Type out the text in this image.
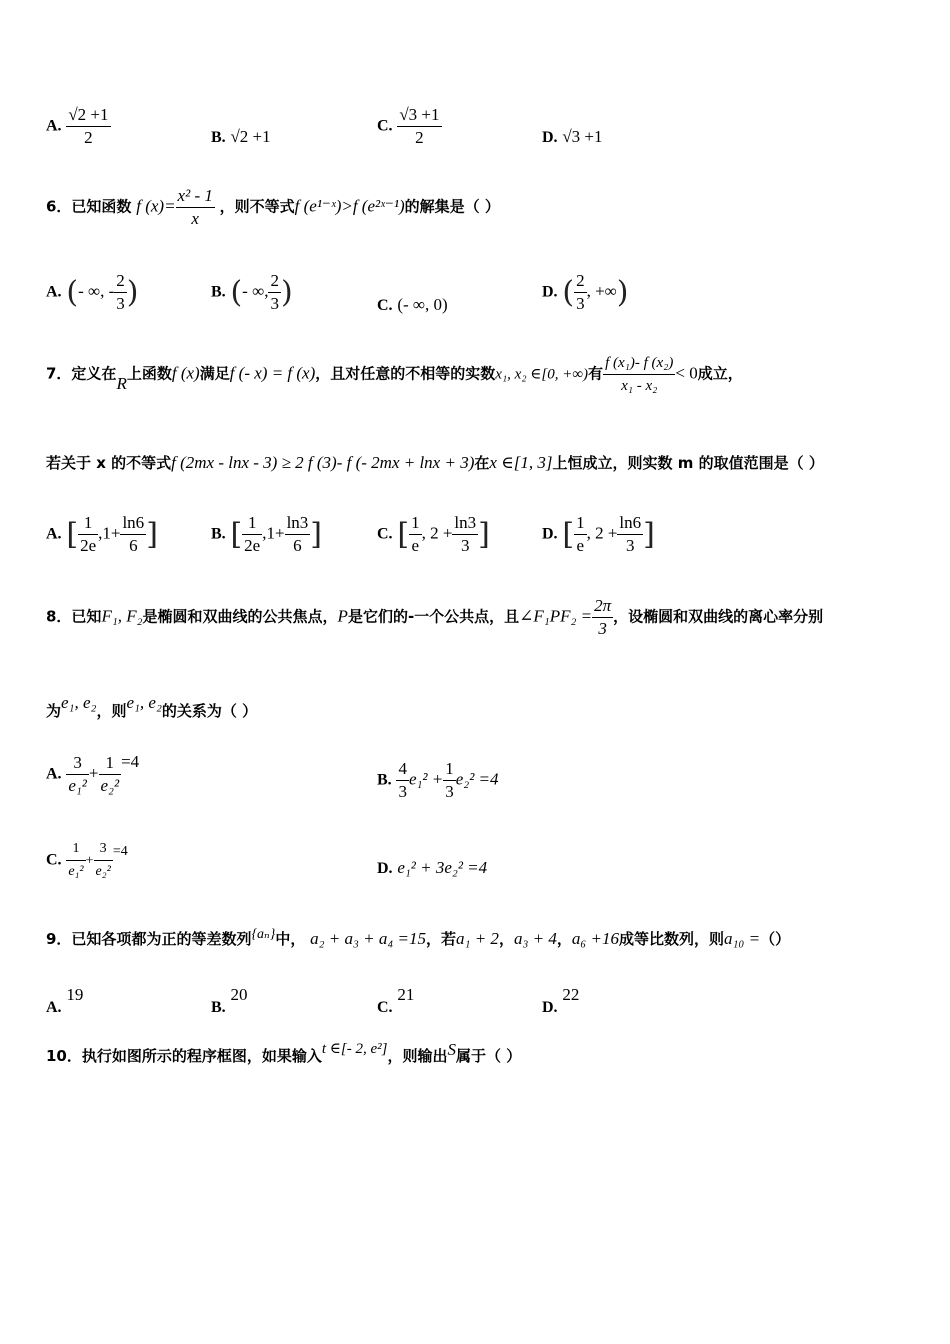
A. $\frac{√2 +1}{2}$	B. √2 +1
C. $\frac{√3 +1}{2}$	D. √3 +1
6．已知函数 f $(x)= \frac{\text{x² - 1}}{x}$ ，则不等式f (e¹⁻ˣ)>f (e²ˣ⁻¹)的解集是（ ）
A. (- ∞, - $\frac{2}{3}$ )	B. (- ∞, $\frac{2}{3}$ )	C. (- ∞, 0)
D. ( $\frac{2}{3}$ , +∞)
7．定义在R上函数f (x)满足f (- x) = f (x)，且对任意的不相等的实数x₁, x₂ ∈[0, +∞)有 $\frac{\text{f (x₁)- f (x₂)}}{\text{x₁ - x₂}} < 0$成立，
若关于 x 的不等式f (2mx - lnx - 3) ≥ 2 f (3)- f (- 2mx + lnx + 3)在x ∈[1, 3]上恒成立，则实数 m 的取值范围是（ ）
A. [ $\frac{1}{2e} ,1+ \frac{\ln 6}{6}$ ]	B. [ $\frac{1}{2e} ,1+ \frac{\ln 3}{6}$ ]	C. [ $\frac{1}{e}$ , $2 + \frac{\ln 3}{3}$ ]	D. [ $\frac{1}{e}$ , $2 + \frac{\ln 6}{3}$ ]
8．已知F₁, F₂是椭圆和双曲线的公共焦点，P是它们的-一个公共点，且∠F₁PF₂ = $\frac{2\pi}{3}$ ，设椭圆和双曲线的离心率分别
为e₁, e₂，则e₁, e₂的关系为（ ）
A. $\frac{3}{\text{e₁²}} + \frac{1}{\text{e₂²}} =4$
B. $\frac{4}{3} e_1^2 + \frac{1}{3} e_2^2 =4$
C. $\frac{1}{\text{e₁²}} + \frac{3}{\text{e₂²}} =4$
D. e₁² + 3e₂² =4
9．已知各项都为正的等差数列{aₙ}中， a₂ + a₃ + a₄ =15，若a₁ + 2，a₃ + 4，a₆ +16成等比数列，则a₁₀ =（）
A. 19
B. 20
C. 21
D. 22
10．执行如图所示的程序框图，如果输入t ∈[- 2, e²]，则输出S属于（ ）
